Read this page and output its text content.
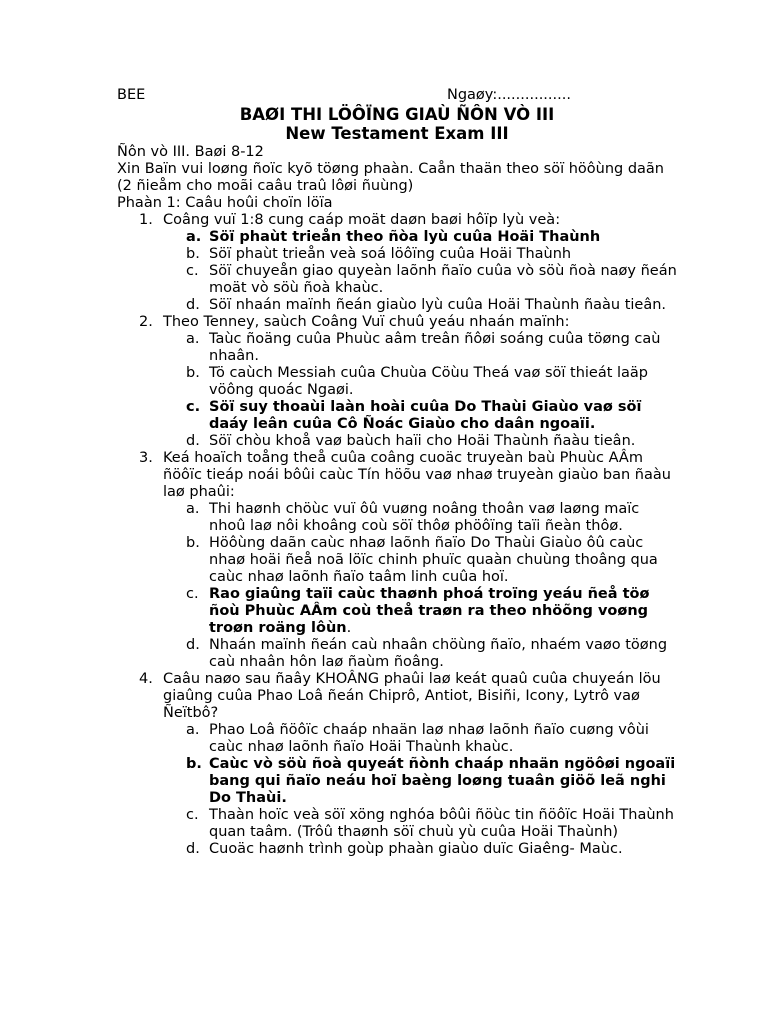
BEE	Ngaøy:................
BAØI THI LÖÔÏNG GIAÙ ÑÔN VÒ III
New Testament Exam III

Ñôn vò III. Baøi 8-12

Xin Baïn vui loøng ñoïc kyõ töøng phaàn. Caån thaän theo söï höôùng daãn (2 ñieåm cho moãi caâu traû lôøi ñuùng)

Phaàn 1: Caâu hoûi choïn löïa

1. Coâng vuï 1:8 cung caáp moät daøn baøi hôïp lyù veà:
a. Söï phaùt trieån theo ñòa lyù cuûa Hoäi Thaùnh
b. Söï phaùt trieån veà soá löôïng cuûa Hoäi Thaùnh
c. Söï chuyeån giao quyeàn laõnh ñaïo cuûa vò söù ñoà naøy ñeán moät vò söù ñoà khaùc.
d. Söï nhaán maïnh ñeán giaùo lyù cuûa Hoäi Thaùnh ñaàu tieân.
2. Theo Tenney, saùch Coâng Vuï chuû yeáu nhaán maïnh:
a. Taùc ñoäng cuûa Phuùc aâm treân ñôøi soáng cuûa töøng caù nhaân.
b. Tö caùch Messiah cuûa Chuùa Cöùu Theá vaø söï thieát laäp vöông quoác Ngaøi.
c. Söï suy thoaùi laàn hoài cuûa Do Thaùi Giaùo vaø söï daáy leân cuûa Cô Ñoác Giaùo cho daân ngoaïi.
d. Söï chòu khoå vaø baùch haïi cho Hoäi Thaùnh ñaàu tieân.
3. Keá hoaïch toång theå cuûa coâng cuoäc truyeàn baù Phuùc AÂm ñöôïc tieáp noái bôûi caùc Tín höõu vaø nhaø truyeàn giaùo ban ñaàu laø phaûi:
a. Thi haønh chöùc vuï ôû vuøng noâng thoân vaø laøng maïc nhoû laø nôi khoâng coù söï thôø phöôïng taïi ñeàn thôø.
b. Höôùng daãn caùc nhaø laõnh ñaïo Do Thaùi Giaùo ôû caùc nhaø hoäi ñeå noã löïc chinh phuïc quaàn chuùng thoâng qua caùc nhaø laõnh ñaïo taâm linh cuûa hoï.
c. Rao giaûng taïi caùc thaønh phoá troïng yeáu ñeå töø ñoù Phuùc AÂm coù theå traøn ra theo nhöõng voøng troøn roäng lôùn.
d. Nhaán maïnh ñeán caù nhaân chöùng ñaïo, nhaém vaøo töøng caù nhaân hôn laø ñaùm ñoâng.
4. Caâu naøo sau ñaây KHOÂNG phaûi laø keát quaû cuûa chuyeán löu giaûng cuûa Phao Loâ ñeán Chiprô, Antiot, Bisiñi, Icony, Lytrô vaø Ñeïtbô?
a. Phao Loâ ñöôïc chaáp nhaän laø nhaø laõnh ñaïo cuøng vôùi caùc nhaø laõnh ñaïo Hoäi Thaùnh khaùc.
b. Caùc vò söù ñoà quyeát ñònh chaáp nhaän ngöôøi ngoaïi bang qui ñaïo neáu hoï baèng loøng tuaân giöõ leã nghi Do Thaùi.
c. Thaàn hoïc veà söï xöng nghóa bôûi ñöùc tin ñöôïc Hoäi Thaùnh quan taâm. (Trôû thaønh söï chuù yù cuûa Hoäi Thaùnh)
d. Cuoäc haønh trình goùp phaàn giaùo duïc Giaêng- Maùc.
